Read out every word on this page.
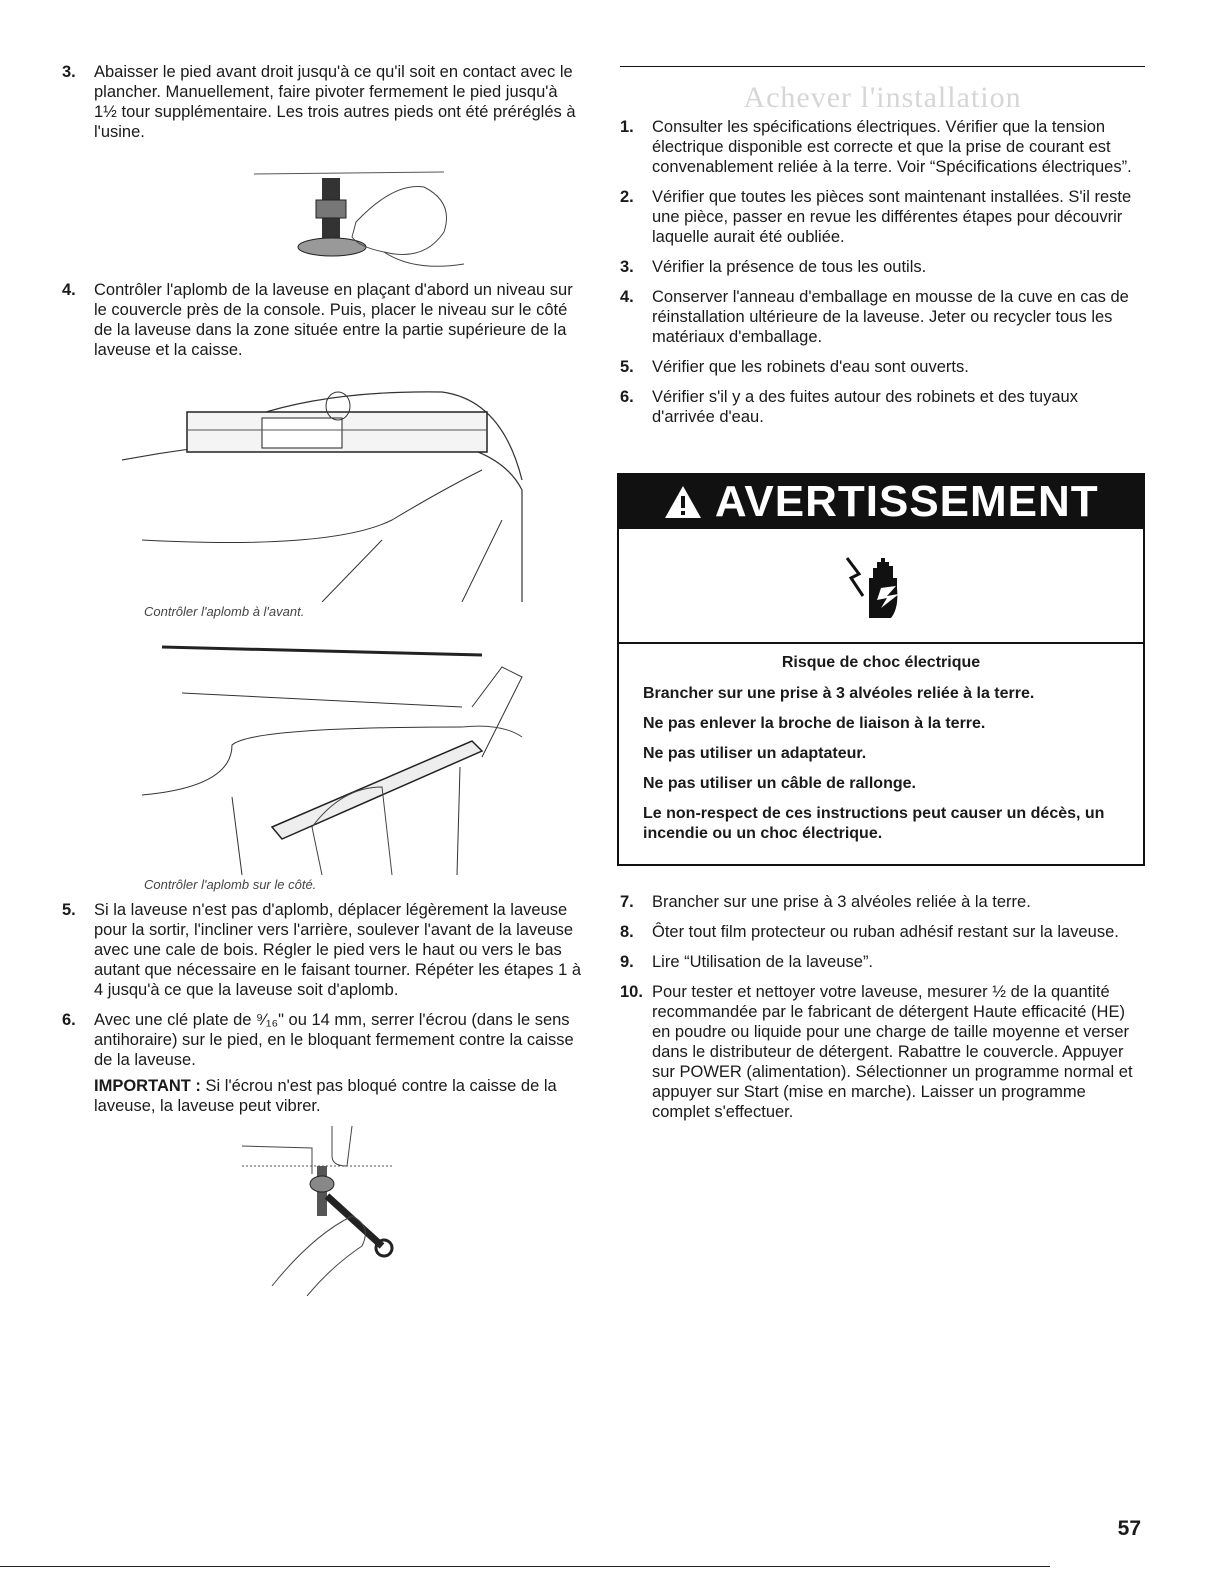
3.	Abaisser le pied avant droit jusqu'à ce qu'il soit en contact avec le plancher. Manuellement, faire pivoter fermement le pied jusqu'à 1½ tour supplémentaire. Les trois autres pieds ont été préréglés à l'usine.
4.	Contrôler l'aplomb de la laveuse en plaçant d'abord un niveau sur le couvercle près de la console. Puis, placer le niveau sur le côté de la laveuse dans la zone située entre la partie supérieure de la laveuse et la caisse.
Contrôler l'aplomb à l'avant.
Contrôler l'aplomb sur le côté.
5.	Si la laveuse n'est pas d'aplomb, déplacer légèrement la laveuse pour la sortir, l'incliner vers l'arrière, soulever l'avant de la laveuse avec une cale de bois. Régler le pied vers le haut ou vers le bas autant que nécessaire en le faisant tourner. Répéter les étapes 1 à 4 jusqu'à ce que la laveuse soit d'aplomb.
6.	Avec une clé plate de ⁹⁄₁₆" ou 14 mm, serrer l'écrou (dans le sens antihoraire) sur le pied, en le bloquant fermement contre la caisse de la laveuse.

IMPORTANT : Si l'écrou n'est pas bloqué contre la caisse de la laveuse, la laveuse peut vibrer.

Achever l'installation
1.	Consulter les spécifications électriques. Vérifier que la tension électrique disponible est correcte et que la prise de courant est convenablement reliée à la terre. Voir “Spécifications électriques”.
2.	Vérifier que toutes les pièces sont maintenant installées. S'il reste une pièce, passer en revue les différentes étapes pour découvrir laquelle aurait été oubliée.
3.	Vérifier la présence de tous les outils.
4.	Conserver l'anneau d'emballage en mousse de la cuve en cas de réinstallation ultérieure de la laveuse. Jeter ou recycler tous les matériaux d'emballage.
5.	Vérifier que les robinets d'eau sont ouverts.
6.	Vérifier s'il y a des fuites autour des robinets et des tuyaux d'arrivée d'eau.
AVERTISSEMENT
Risque de choc électrique
Brancher sur une prise à 3 alvéoles reliée à la terre.
Ne pas enlever la broche de liaison à la terre.
Ne pas utiliser un adaptateur.
Ne pas utiliser un câble de rallonge.
Le non-respect de ces instructions peut causer un décès, un incendie ou un choc électrique.
7.	Brancher sur une prise à 3 alvéoles reliée à la terre.
8.	Ôter tout film protecteur ou ruban adhésif restant sur la laveuse.
9.	Lire “Utilisation de la laveuse”.
10. Pour tester et nettoyer votre laveuse, mesurer ½ de la quantité recommandée par le fabricant de détergent Haute efficacité (HE) en poudre ou liquide pour une charge de taille moyenne et verser dans le distributeur de détergent. Rabattre le couvercle. Appuyer sur POWER (alimentation). Sélectionner un programme normal et appuyer sur Start (mise en marche). Laisser un programme complet s'effectuer.
57
